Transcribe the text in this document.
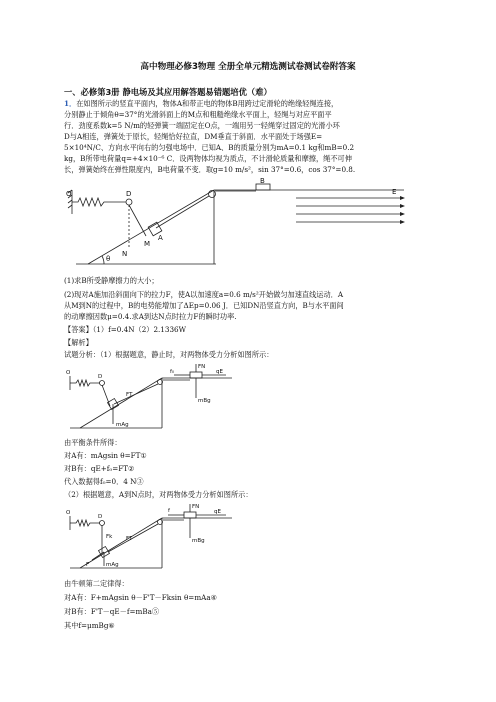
高中物理必修3物理 全册全单元精选测试卷测试卷附答案
一、必修第3册 静电场及其应用解答题易错题培优（难）
1．在如图所示的竖直平面内，物体A和带正电的物体B用跨过定滑轮的绝缘轻绳连接，
分别静止于倾角θ=37°的光滑斜面上的M点和粗糙绝缘水平面上，轻绳与对应平面平
行．劲度系数k=5 N/m的轻弹簧一端固定在O点，一端用另一轻绳穿过固定的光滑小环
D与A相连，弹簧处于原长，轻绳恰好拉直，DM垂直于斜面．水平面处于场强E=
5×10⁴N/C、方向水平向右的匀强电场中．已知A、B的质量分别为mA=0.1 kg和mB=0.2
kg，B所带电荷量q=+4×10⁻⁶ C．设两物体均视为质点，不计滑轮质量和摩擦，绳不可伸
长，弹簧始终在弹性限度内，B电荷量不变．取g=10 m/s²，sin 37°=0.6，cos 37°=0.8.
O	D
A
M
N
B
E
θ
(1)求B所受静摩擦力的大小；
(2)现对A施加沿斜面向下的拉力F，使A以加速度a=0.6 m/s²开始做匀加速直线运动．A
从M到N的过程中，B的电势能增加了ΔEp=0.06 J．已知DN沿竖直方向，B与水平面间
的动摩擦因数μ=0.4.求A到达N点时拉力F的瞬时功率.
【答案】（1）f=0.4N（2）2.1336W
【解析】
试题分析：（1）根据题意，静止时，对两物体受力分析如图所示：
O
D
FT
f₀	qE
mBg
mAg
FN
由平衡条件所得：
对A有：mAgsin θ=FT①
对B有：qE+f₀=FT②
代入数据得f₀=0．4 N③
（2）根据题意，A到N点时，对两物体受力分析如图所示：
O
D
Fk FT
f	qE
mBg
F	mAg
FN
由牛顿第二定律得：
对A有：F+mAgsin θ－F'T－Fksin θ=mAa④
对B有：F'T－qE－f=mBa⑤
其中f=μmBg⑥
